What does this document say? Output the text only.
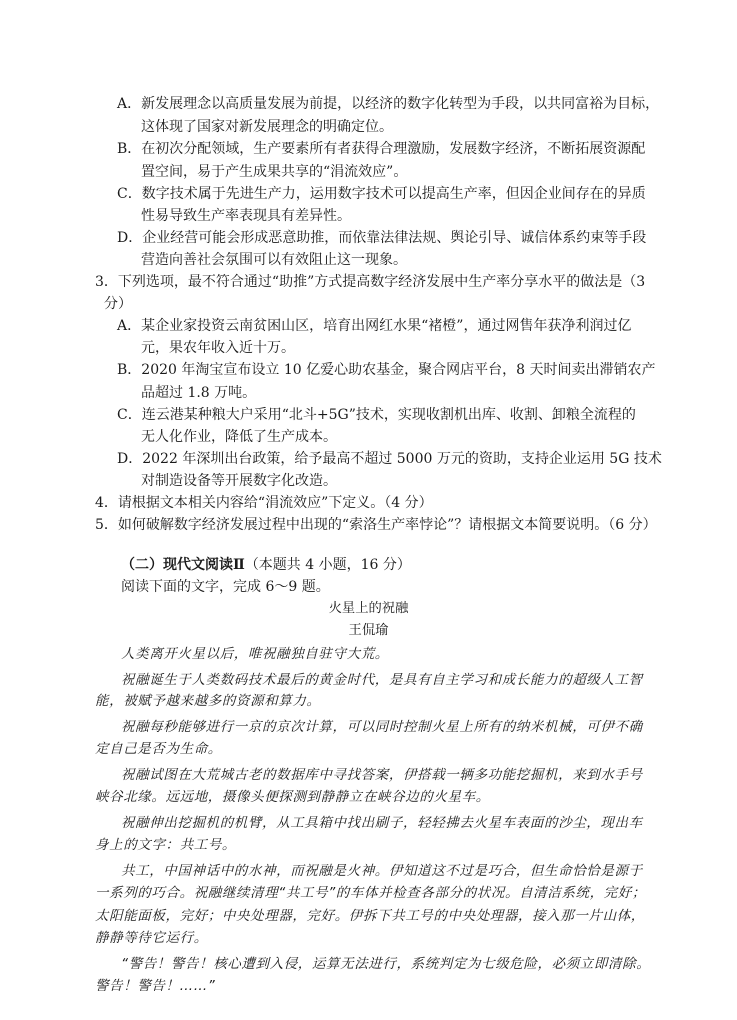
A．新发展理念以高质量发展为前提，以经济的数字化转型为手段，以共同富裕为目标，
这体现了国家对新发展理念的明确定位。
B．在初次分配领域，生产要素所有者获得合理激励，发展数字经济，不断拓展资源配
置空间，易于产生成果共享的“涓流效应”。
C．数字技术属于先进生产力，运用数字技术可以提高生产率，但因企业间存在的异质
性易导致生产率表现具有差异性。
D．企业经营可能会形成恶意助推，而依靠法律法规、舆论引导、诚信体系约束等手段
营造向善社会氛围可以有效阻止这一现象。
3．下列选项，最不符合通过“助推”方式提高数字经济发展中生产率分享水平的做法是（3
分）
A．某企业家投资云南贫困山区，培育出网红水果“褚橙”，通过网售年获净利润过亿
元，果农年收入近十万。
B．2020 年淘宝宣布设立 10 亿爱心助农基金，聚合网店平台，8 天时间卖出滞销农产
品超过 1.8 万吨。
C．连云港某种粮大户采用“北斗+5G”技术，实现收割机出库、收割、卸粮全流程的
无人化作业，降低了生产成本。
D．2022 年深圳出台政策，给予最高不超过 5000 万元的资助，支持企业运用 5G 技术
对制造设备等开展数字化改造。
4．请根据文本相关内容给“涓流效应”下定义。（4 分）
5．如何破解数字经济发展过程中出现的“索洛生产率悖论”？请根据文本简要说明。（6 分）
（二）现代文阅读Ⅱ（本题共 4 小题，16 分）
阅读下面的文字，完成 6～9 题。
火星上的祝融
王侃瑜
人类离开火星以后，唯祝融独自驻守大荒。
祝融诞生于人类数码技术最后的黄金时代，是具有自主学习和成长能力的超级人工智
能，被赋予越来越多的资源和算力。
祝融每秒能够进行一京的京次计算，可以同时控制火星上所有的纳米机械，可伊不确
定自己是否为生命。
祝融试图在大荒城古老的数据库中寻找答案，伊搭载一辆多功能挖掘机，来到水手号
峡谷北缘。远远地，摄像头便探测到静静立在峡谷边的火星车。
祝融伸出挖掘机的机臂，从工具箱中找出刷子，轻轻拂去火星车表面的沙尘，现出车
身上的文字：共工号。
共工，中国神话中的水神，而祝融是火神。伊知道这不过是巧合，但生命恰恰是源于
一系列的巧合。祝融继续清理“共工号”的车体并检查各部分的状况。自清洁系统，完好；
太阳能面板，完好；中央处理器，完好。伊拆下共工号的中央处理器，接入那一片山体，
静静等待它运行。
“警告！警告！核心遭到入侵，运算无法进行，系统判定为七级危险，必须立即清除。
警告！警告！……”
